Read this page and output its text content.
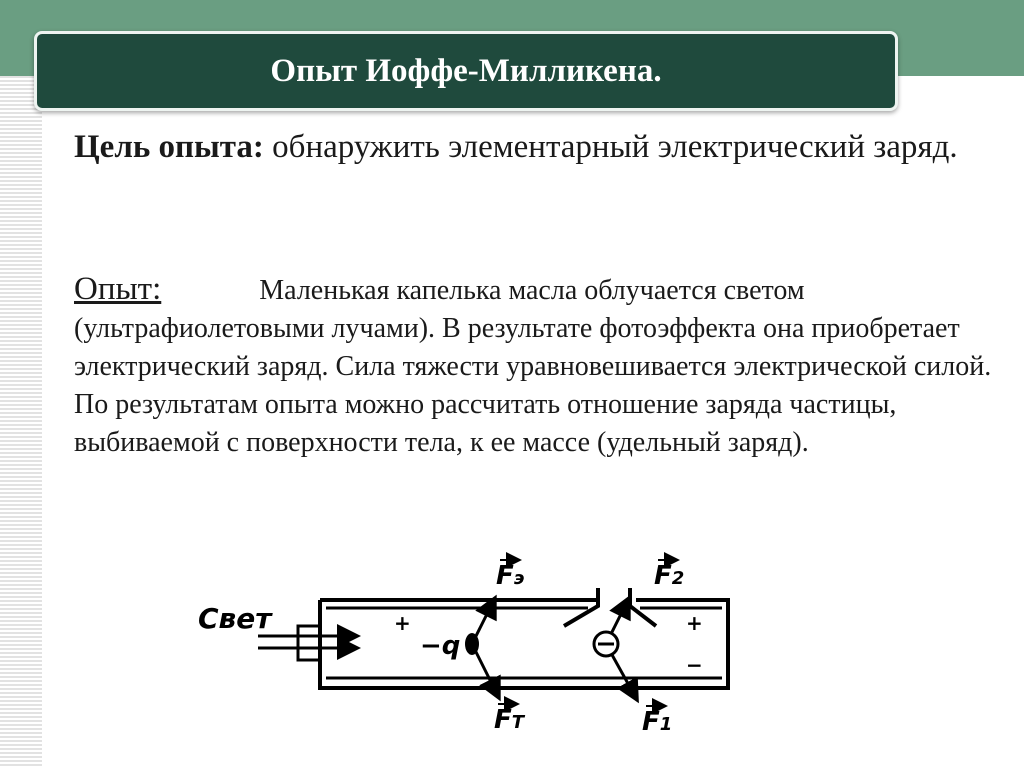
Опыт Иоффе-Милликена.
Цель опыта: обнаружить элементарный электрический заряд.
Опыт:	Маленькая капелька масла облучается светом (ультрафиолетовыми лучами). В результате фотоэффекта она приобретает электрический заряд. Сила тяжести уравновешивается электрической силой. По результатам опыта можно рассчитать отношение заряда частицы, выбиваемой с поверхности тела, к ее массе (удельный заряд).
Свет
−q
+	+
−
Fэ	F2
FT	F1
